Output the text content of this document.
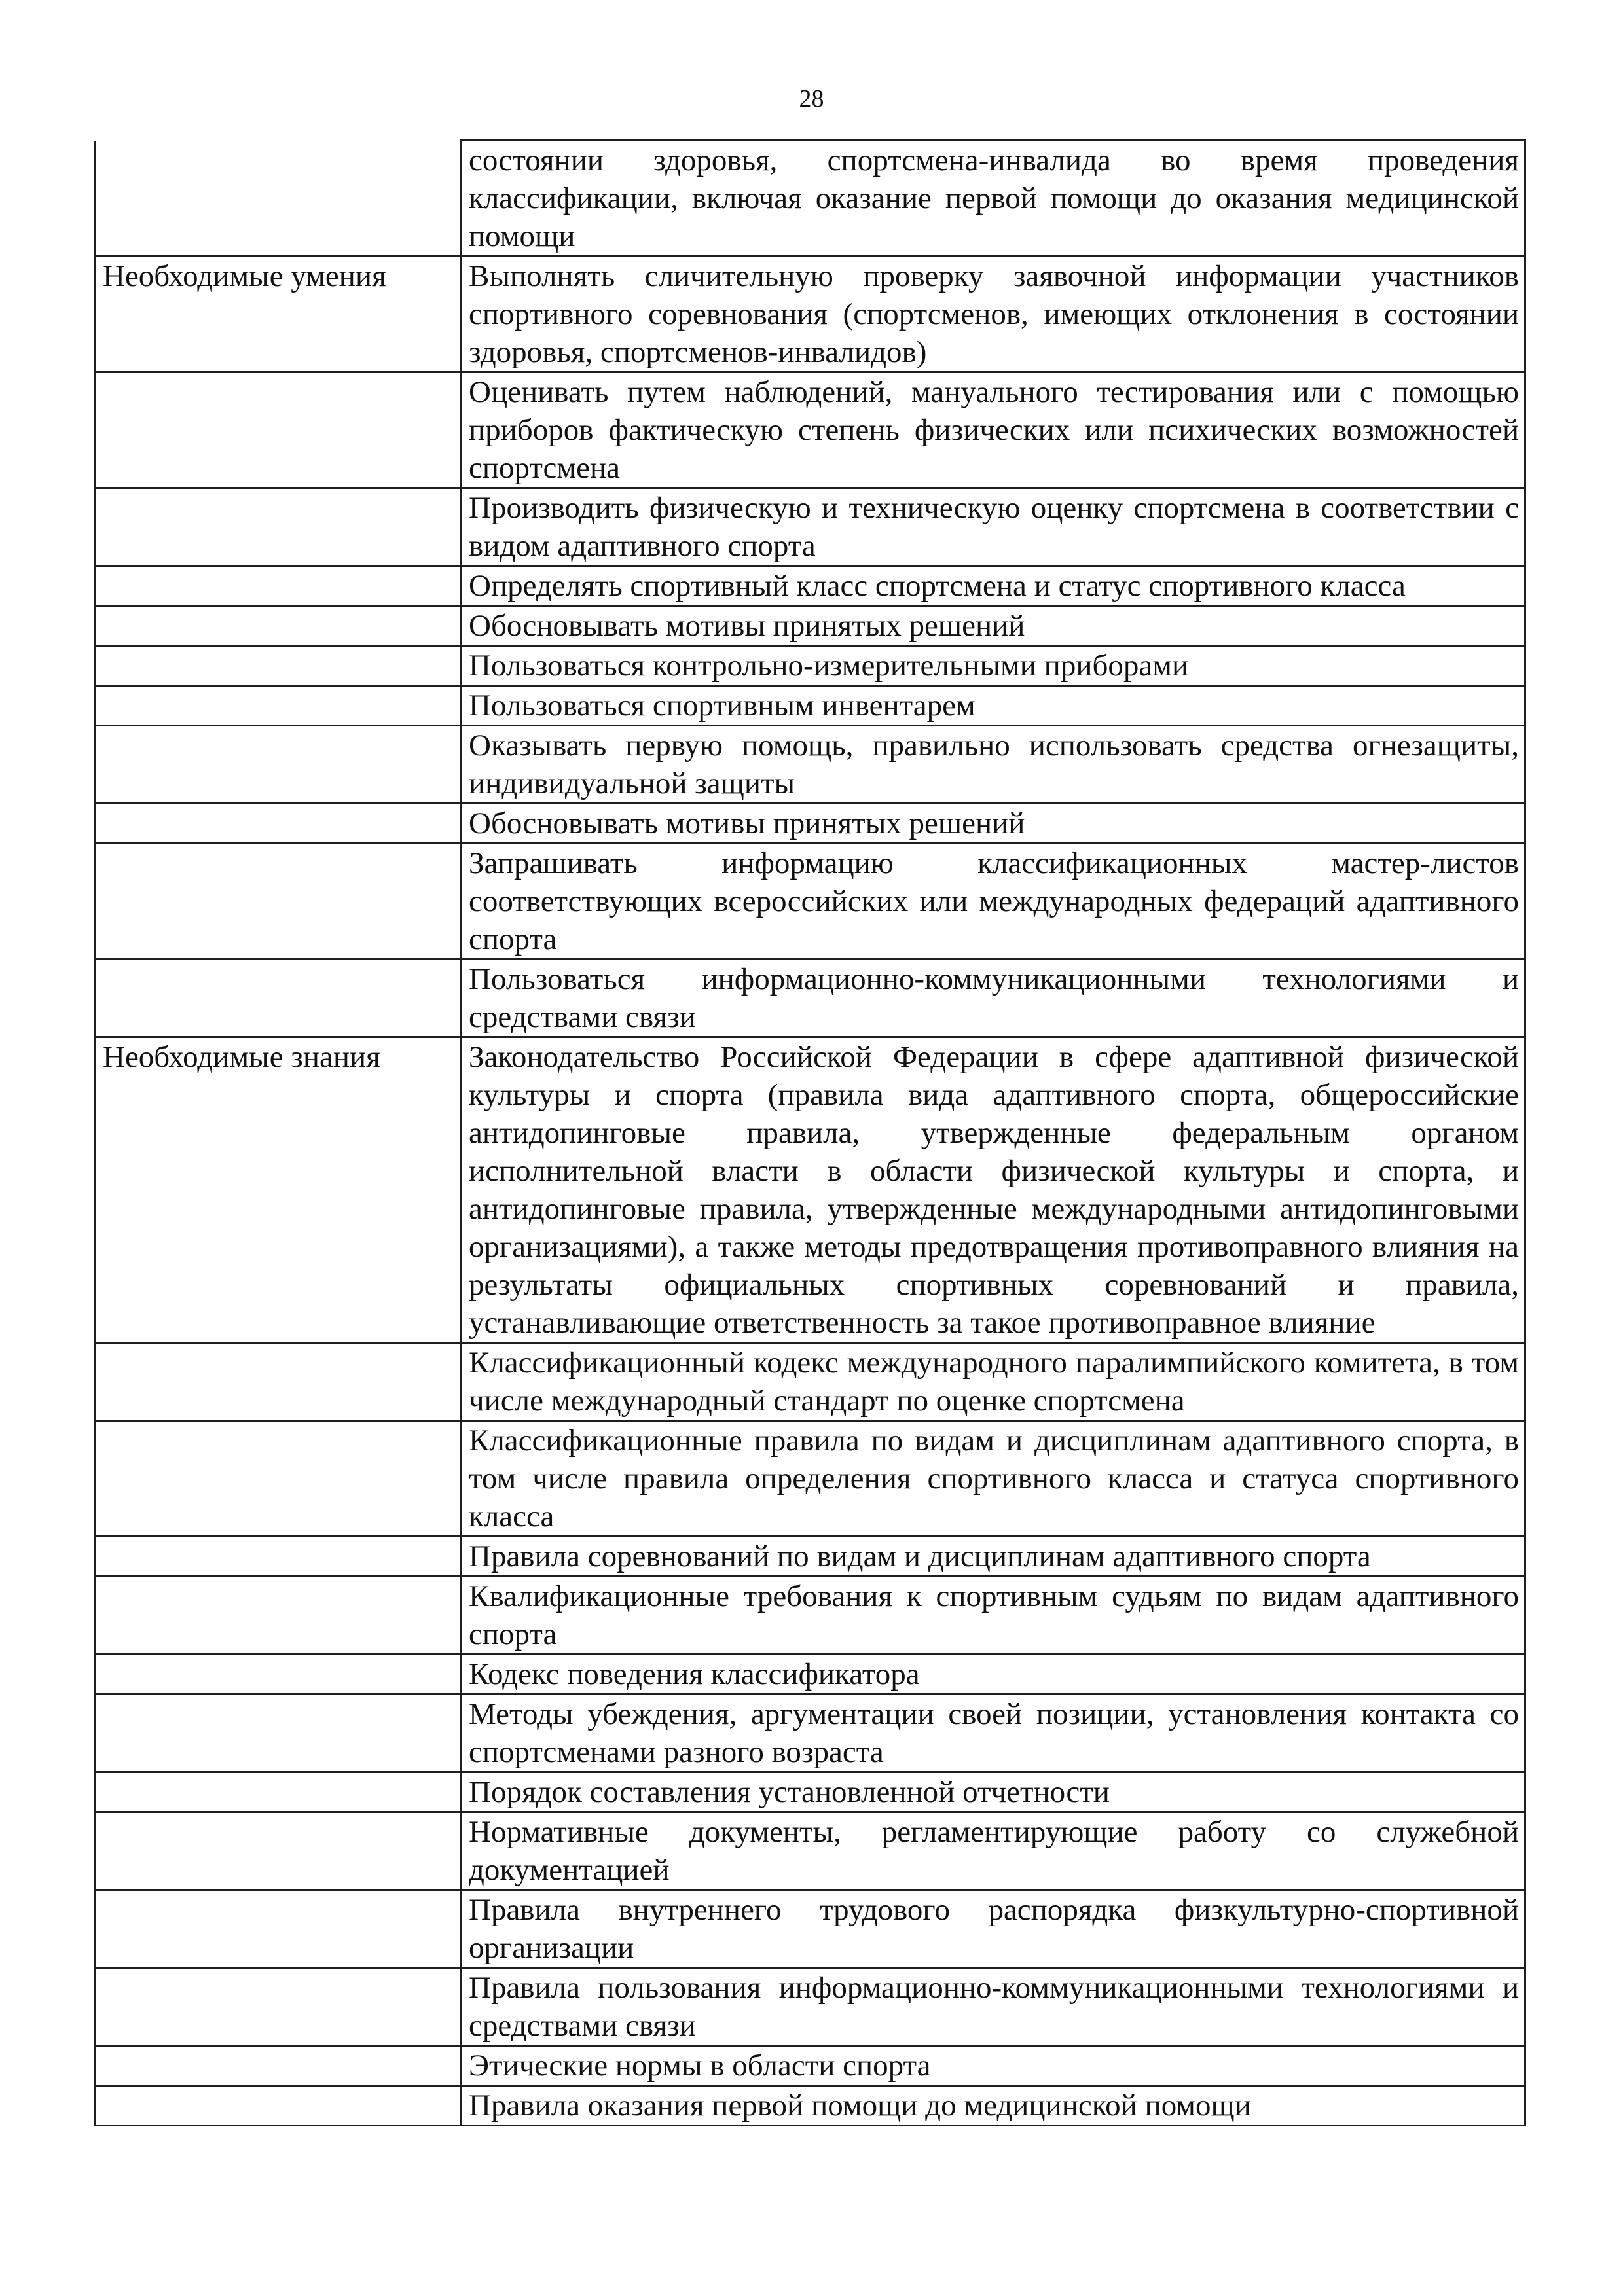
28
	состоянии здоровья, спортсмена-инвалида во время проведения классификации, включая оказание первой помощи до оказания медицинской помощи
Необходимые умения	Выполнять сличительную проверку заявочной информации участников спортивного соревнования (спортсменов, имеющих отклонения в состоянии здоровья, спортсменов-инвалидов)
	Оценивать путем наблюдений, мануального тестирования или с помощью приборов фактическую степень физических или психических возможностей спортсмена
	Производить физическую и техническую оценку спортсмена в соответствии с видом адаптивного спорта
	Определять спортивный класс спортсмена и статус спортивного класса
	Обосновывать мотивы принятых решений
	Пользоваться контрольно-измерительными приборами
	Пользоваться спортивным инвентарем
	Оказывать первую помощь, правильно использовать средства огнезащиты, индивидуальной защиты
	Обосновывать мотивы принятых решений
	Запрашивать информацию классификационных мастер-листов соответствующих всероссийских или международных федераций адаптивного спорта
	Пользоваться информационно-коммуникационными технологиями и средствами связи
Необходимые знания	Законодательство Российской Федерации в сфере адаптивной физической культуры и спорта (правила вида адаптивного спорта, общероссийские антидопинговые правила, утвержденные федеральным органом исполнительной власти в области физической культуры и спорта, и антидопинговые правила, утвержденные международными антидопинговыми организациями), а также методы предотвращения противоправного влияния на результаты официальных спортивных соревнований и правила, устанавливающие ответственность за такое противоправное влияние
	Классификационный кодекс международного паралимпийского комитета, в том числе международный стандарт по оценке спортсмена
	Классификационные правила по видам и дисциплинам адаптивного спорта, в том числе правила определения спортивного класса и статуса спортивного класса
	Правила соревнований по видам и дисциплинам адаптивного спорта
	Квалификационные требования к спортивным судьям по видам адаптивного спорта
	Кодекс поведения классификатора
	Методы убеждения, аргументации своей позиции, установления контакта со спортсменами разного возраста
	Порядок составления установленной отчетности
	Нормативные документы, регламентирующие работу со служебной документацией
	Правила внутреннего трудового распорядка физкультурно-спортивной организации
	Правила пользования информационно-коммуникационными технологиями и средствами связи
	Этические нормы в области спорта
	Правила оказания первой помощи до медицинской помощи
